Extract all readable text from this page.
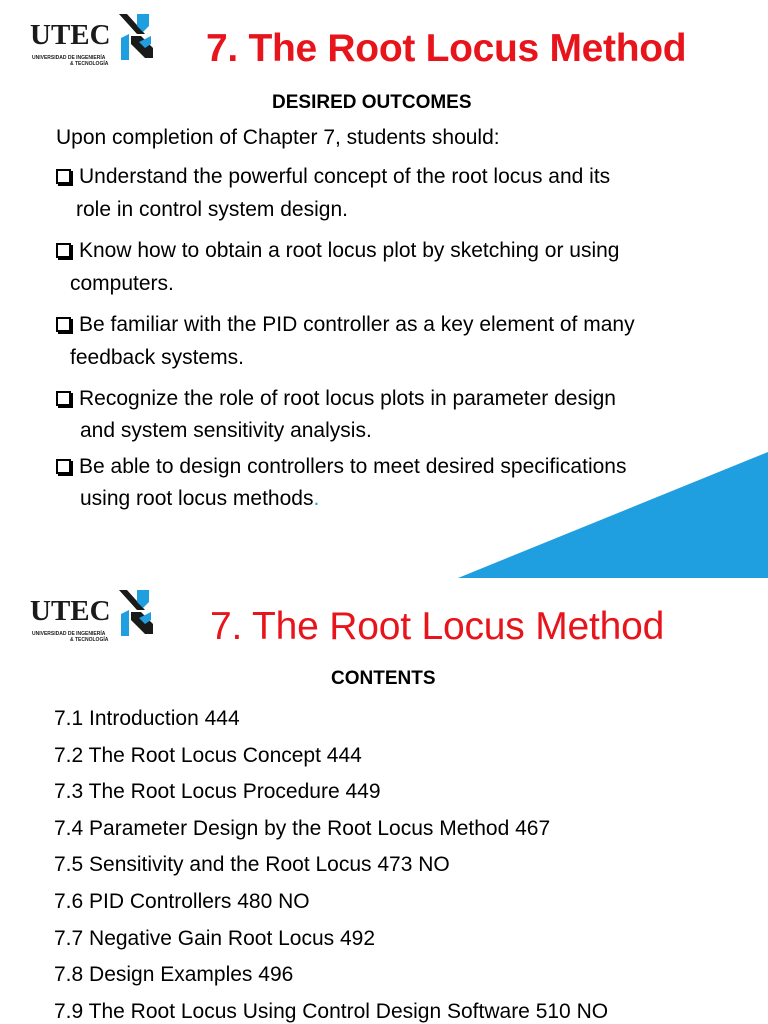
UTEC
UNIVERSIDAD DE INGENIERÍA
& TECNOLOGÍA	7. The Root Locus Method
DESIRED OUTCOMES

Upon completion of Chapter 7, students should:

Understand the powerful concept of the root locus and its
role in control system design.
Know how to obtain a root locus plot by sketching or using
computers.
Be familiar with the PID controller as a key element of many
feedback systems.
Recognize the role of root locus plots in parameter design
and system sensitivity analysis.
Be able to design controllers to meet desired specifications
using root locus methods.
UTEC
UNIVERSIDAD DE INGENIERÍA
& TECNOLOGÍA	7. The Root Locus Method
CONTENTS
7.1 Introduction 444
7.2 The Root Locus Concept 444
7.3 The Root Locus Procedure 449
7.4 Parameter Design by the Root Locus Method 467
7.5 Sensitivity and the Root Locus 473 NO
7.6 PID Controllers 480 NO
7.7 Negative Gain Root Locus 492
7.8 Design Examples 496
7.9 The Root Locus Using Control Design Software 510 NO
